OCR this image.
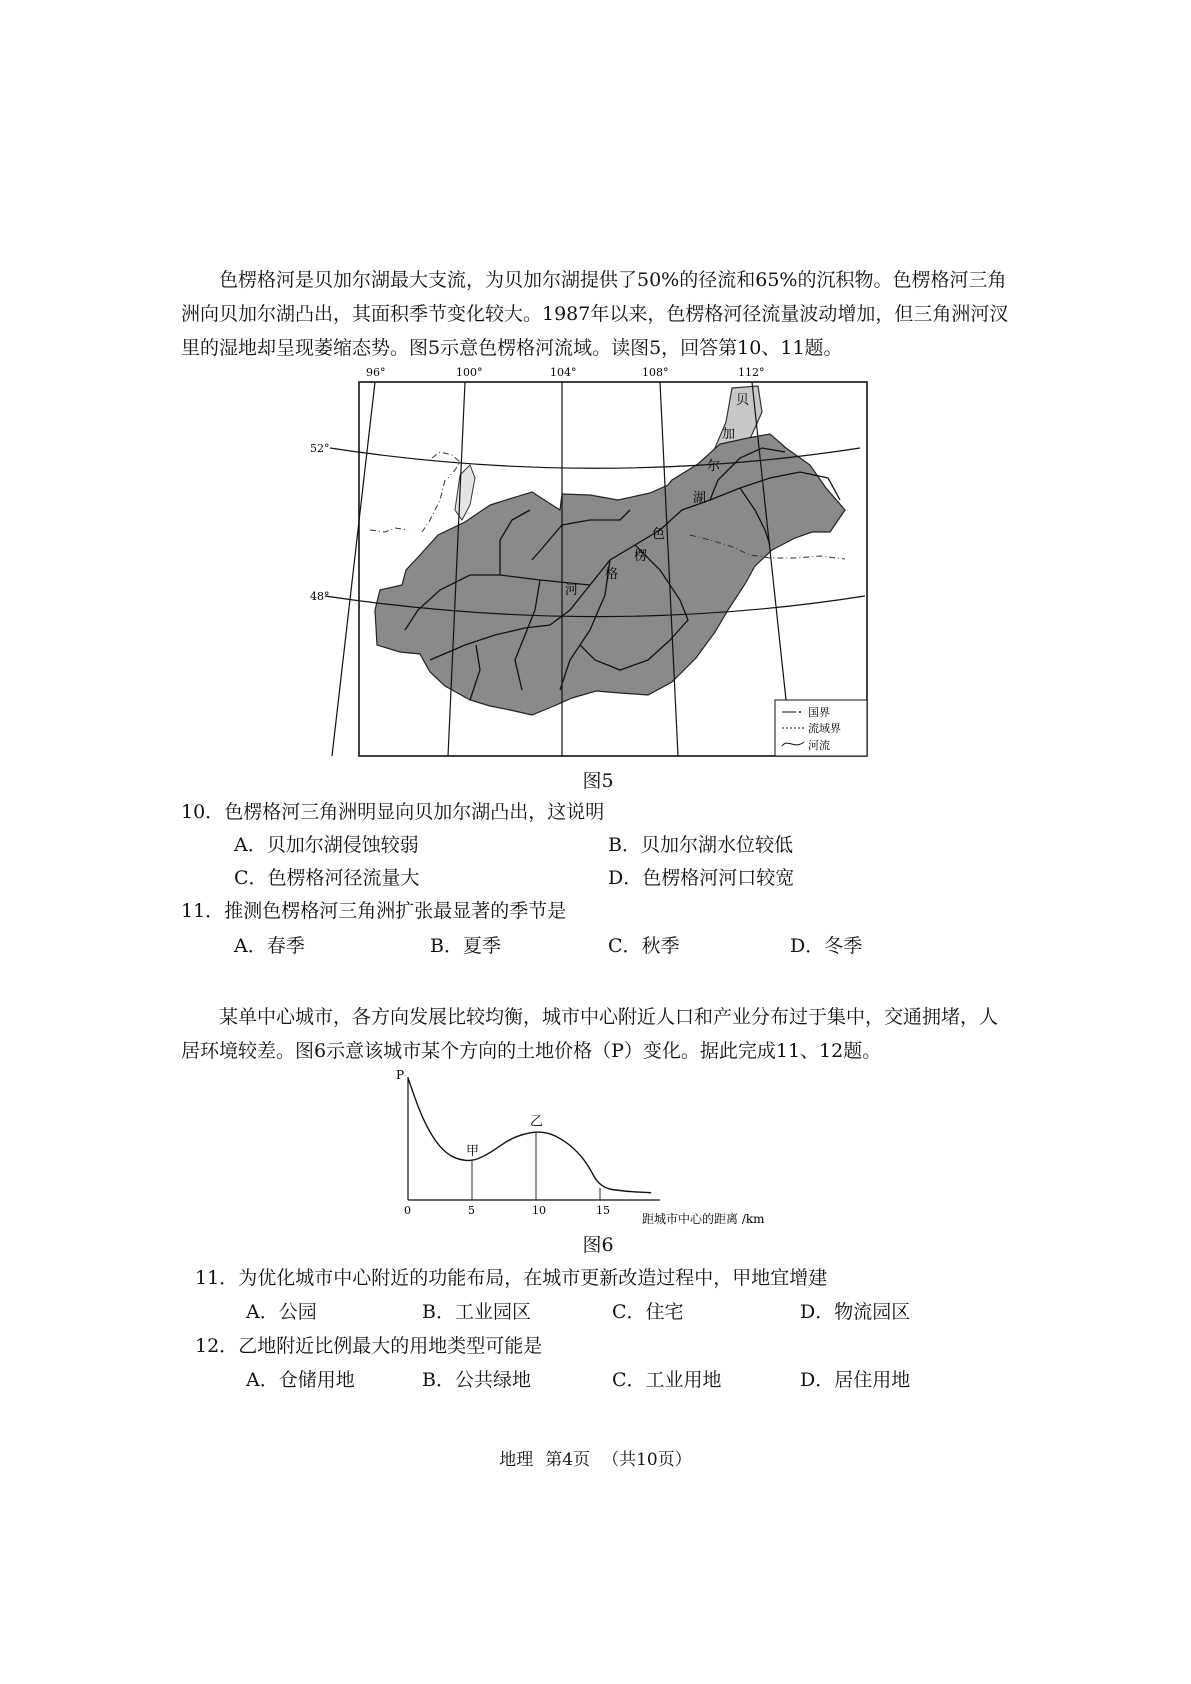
色楞格河是贝加尔湖最大支流，为贝加尔湖提供了50%的径流和65%的沉积物。色楞格河三角洲向贝加尔湖凸出，其面积季节变化较大。1987年以来，色楞格河径流量波动增加，但三角洲河汊里的湿地却呈现萎缩态势。图5示意色楞格河流域。读图5，回答第10、11题。

96°	100°	104°	108°	112°
52°
48°
贝
加
尔
湖
色
楞
格
河
国界
流域界
河流
图5
10．色楞格河三角洲明显向贝加尔湖凸出，这说明
A．贝加尔湖侵蚀较弱	B．贝加尔湖水位较低
C．色楞格河径流量大	D．色楞格河河口较宽
11．推测色楞格河三角洲扩张最显著的季节是
A．春季	B．夏季	C．秋季	D．冬季

某单中心城市，各方向发展比较均衡，城市中心附近人口和产业分布过于集中，交通拥堵，人居环境较差。图6示意该城市某个方向的土地价格（P）变化。据此完成11、12题。

P
0	5	10	15
甲
乙
距城市中心的距离 /km
图6
11．为优化城市中心附近的功能布局，在城市更新改造过程中，甲地宜增建
A．公园	B．工业园区	C．住宅	D．物流园区
12．乙地附近比例最大的用地类型可能是
A．仓储用地	B．公共绿地	C．工业用地	D．居住用地
地理 第4页 （共10页）
